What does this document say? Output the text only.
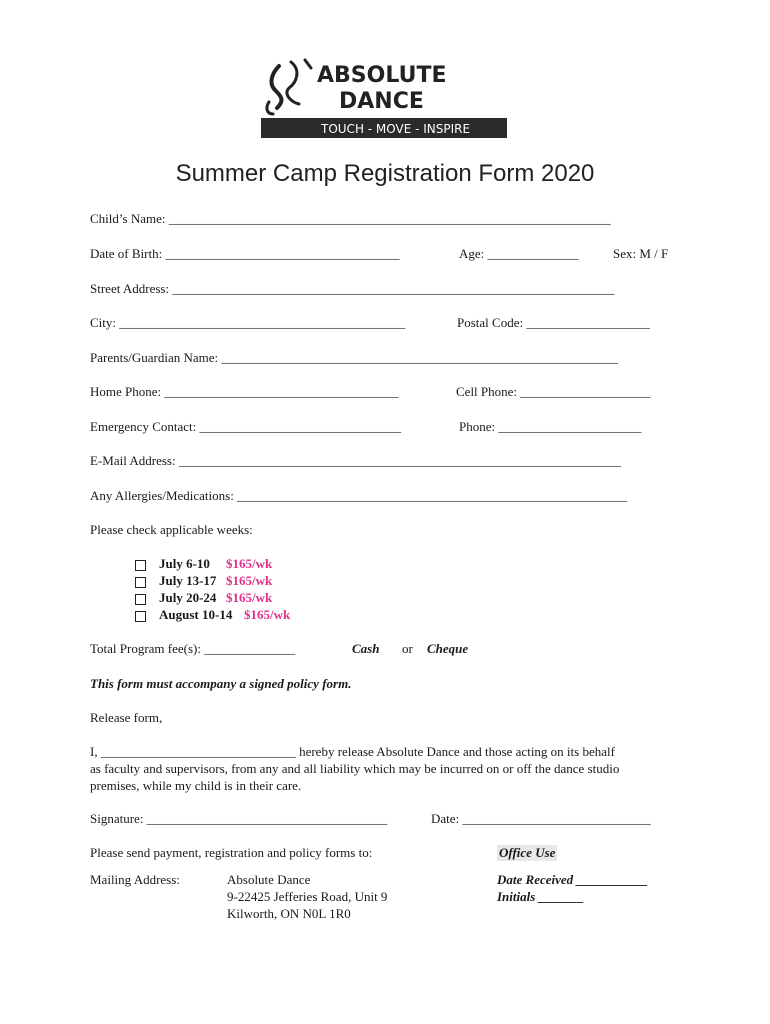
ABSOLUTE
DANCE
TOUCH - MOVE - INSPIRE
Summer Camp Registration Form 2020
Child’s Name: ____________________________________________________________________
Date of Birth: ____________________________________	Age: ______________	Sex: M / F
Street Address: ____________________________________________________________________
City: ____________________________________________	Postal Code: ___________________
Parents/Guardian Name: _____________________________________________________________
Home Phone: ____________________________________	Cell Phone: ____________________
Emergency Contact: _______________________________	Phone: ______________________
E-Mail Address: ____________________________________________________________________
Any Allergies/Medications: ____________________________________________________________
Please check applicable weeks:
July 6-10 $165/wk
July 13-17 $165/wk
July 20-24 $165/wk
August 10-14 $165/wk
Total Program fee(s): ______________	Cash or Cheque
This form must accompany a signed policy form.
Release form,
I, ______________________________ hereby release Absolute Dance and those acting on its behalf
as faculty and supervisors, from any and all liability which may be incurred on or off the dance studio
premises, while my child is in their care.
Signature: _____________________________________	Date: _____________________________
Please send payment, registration and policy forms to:
Mailing Address:	Absolute Dance
9-22425 Jefferies Road, Unit 9
Kilworth, ON N0L 1R0
Office Use
Date Received ___________
Initials _______
